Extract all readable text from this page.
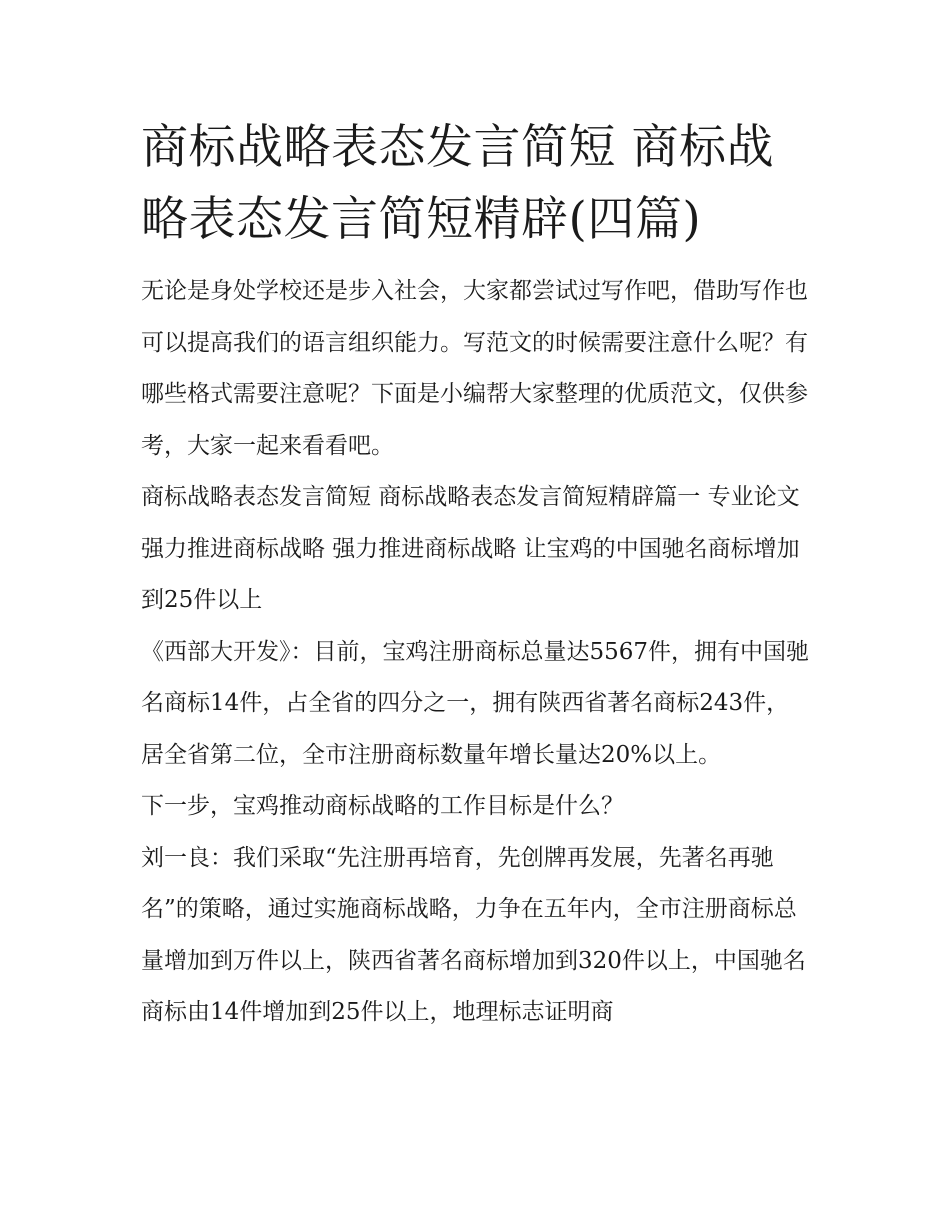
商标战略表态发言简短 商标战略表态发言简短精辟(四篇)

无论是身处学校还是步入社会，大家都尝试过写作吧，借助写作也可以提高我们的语言组织能力。写范文的时候需要注意什么呢？有哪些格式需要注意呢？下面是小编帮大家整理的优质范文，仅供参考，大家一起来看看吧。

商标战略表态发言简短 商标战略表态发言简短精辟篇一 专业论文 强力推进商标战略 强力推进商标战略 让宝鸡的中国驰名商标增加到25件以上

《西部大开发》：目前，宝鸡注册商标总量达5567件，拥有中国驰名商标14件，占全省的四分之一，拥有陕西省著名商标243件，居全省第二位，全市注册商标数量年增长量达20%以上。

下一步，宝鸡推动商标战略的工作目标是什么？

刘一良：我们采取“先注册再培育，先创牌再发展，先著名再驰名”的策略，通过实施商标战略，力争在五年内，全市注册商标总量增加到万件以上，陕西省著名商标增加到320件以上，中国驰名商标由14件增加到25件以上，地理标志证明商
